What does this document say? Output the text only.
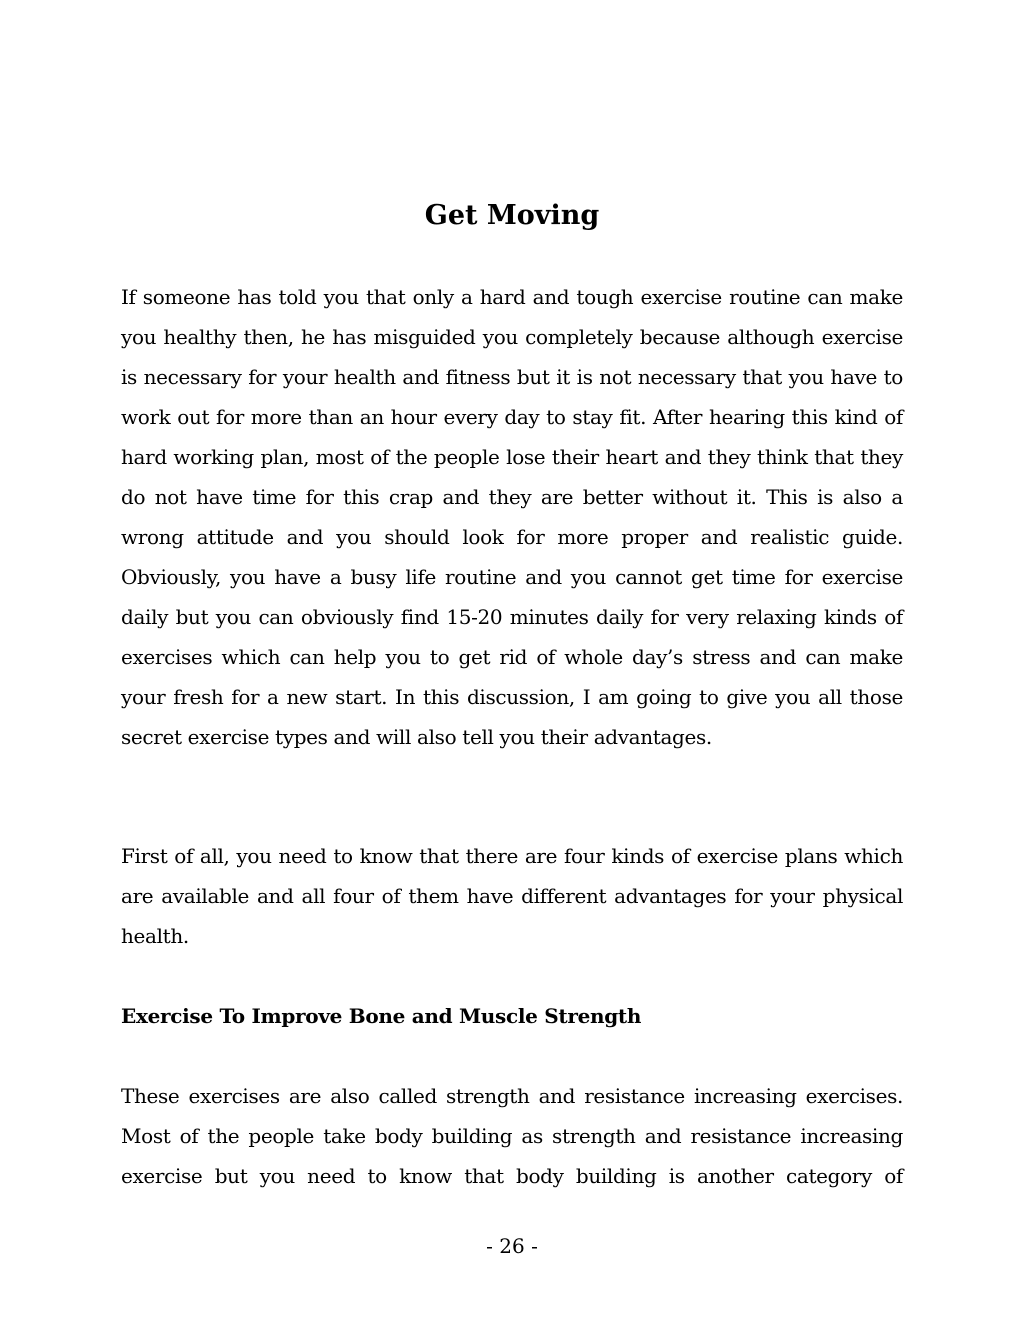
Get Moving

If someone has told you that only a hard and tough exercise routine can make you healthy then, he has misguided you completely because although exercise is necessary for your health and fitness but it is not necessary that you have to work out for more than an hour every day to stay fit. After hearing this kind of hard working plan, most of the people lose their heart and they think that they do not have time for this crap and they are better without it. This is also a wrong attitude and you should look for more proper and realistic guide. Obviously, you have a busy life routine and you cannot get time for exercise daily but you can obviously find 15-20 minutes daily for very relaxing kinds of exercises which can help you to get rid of whole day’s stress and can make your fresh for a new start. In this discussion, I am going to give you all those secret exercise types and will also tell you their advantages.

First of all, you need to know that there are four kinds of exercise plans which are available and all four of them have different advantages for your physical health.

Exercise To Improve Bone and Muscle Strength

These exercises are also called strength and resistance increasing exercises. Most of the people take body building as strength and resistance increasing exercise but you need to know that body building is another category of

- 26 -
